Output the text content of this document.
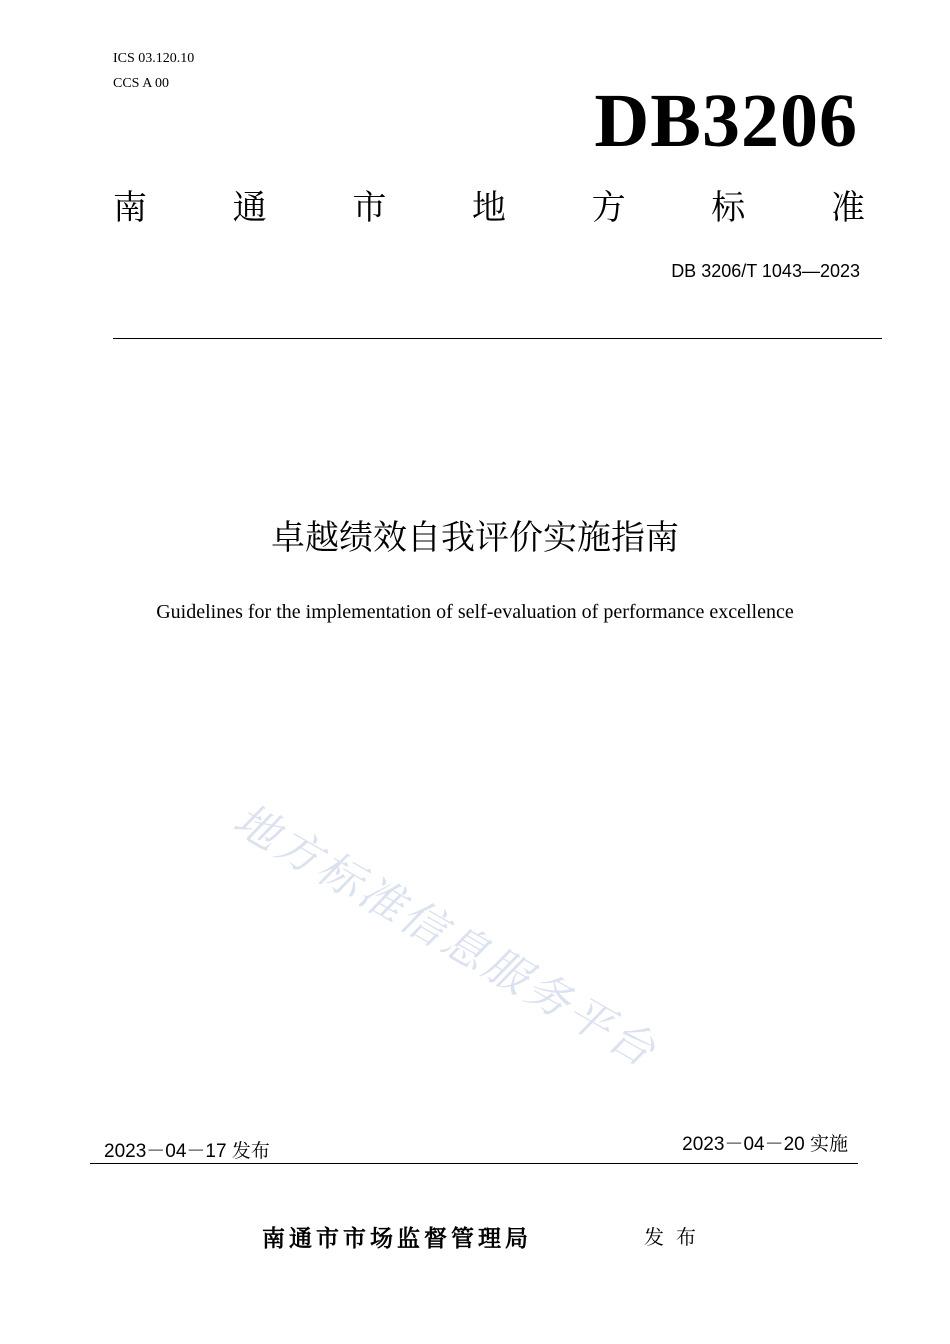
ICS 03.120.10
CCS A 00	DB3206
南	通	市	地	方	标	准
DB 3206/T 1043—2023
卓越绩效自我评价实施指南
Guidelines for the implementation of self-evaluation of performance excellence
地方标准信息服务平台
2023－04－17 发布	2023－04－20 实施
南通市市场监督管理局	发布
